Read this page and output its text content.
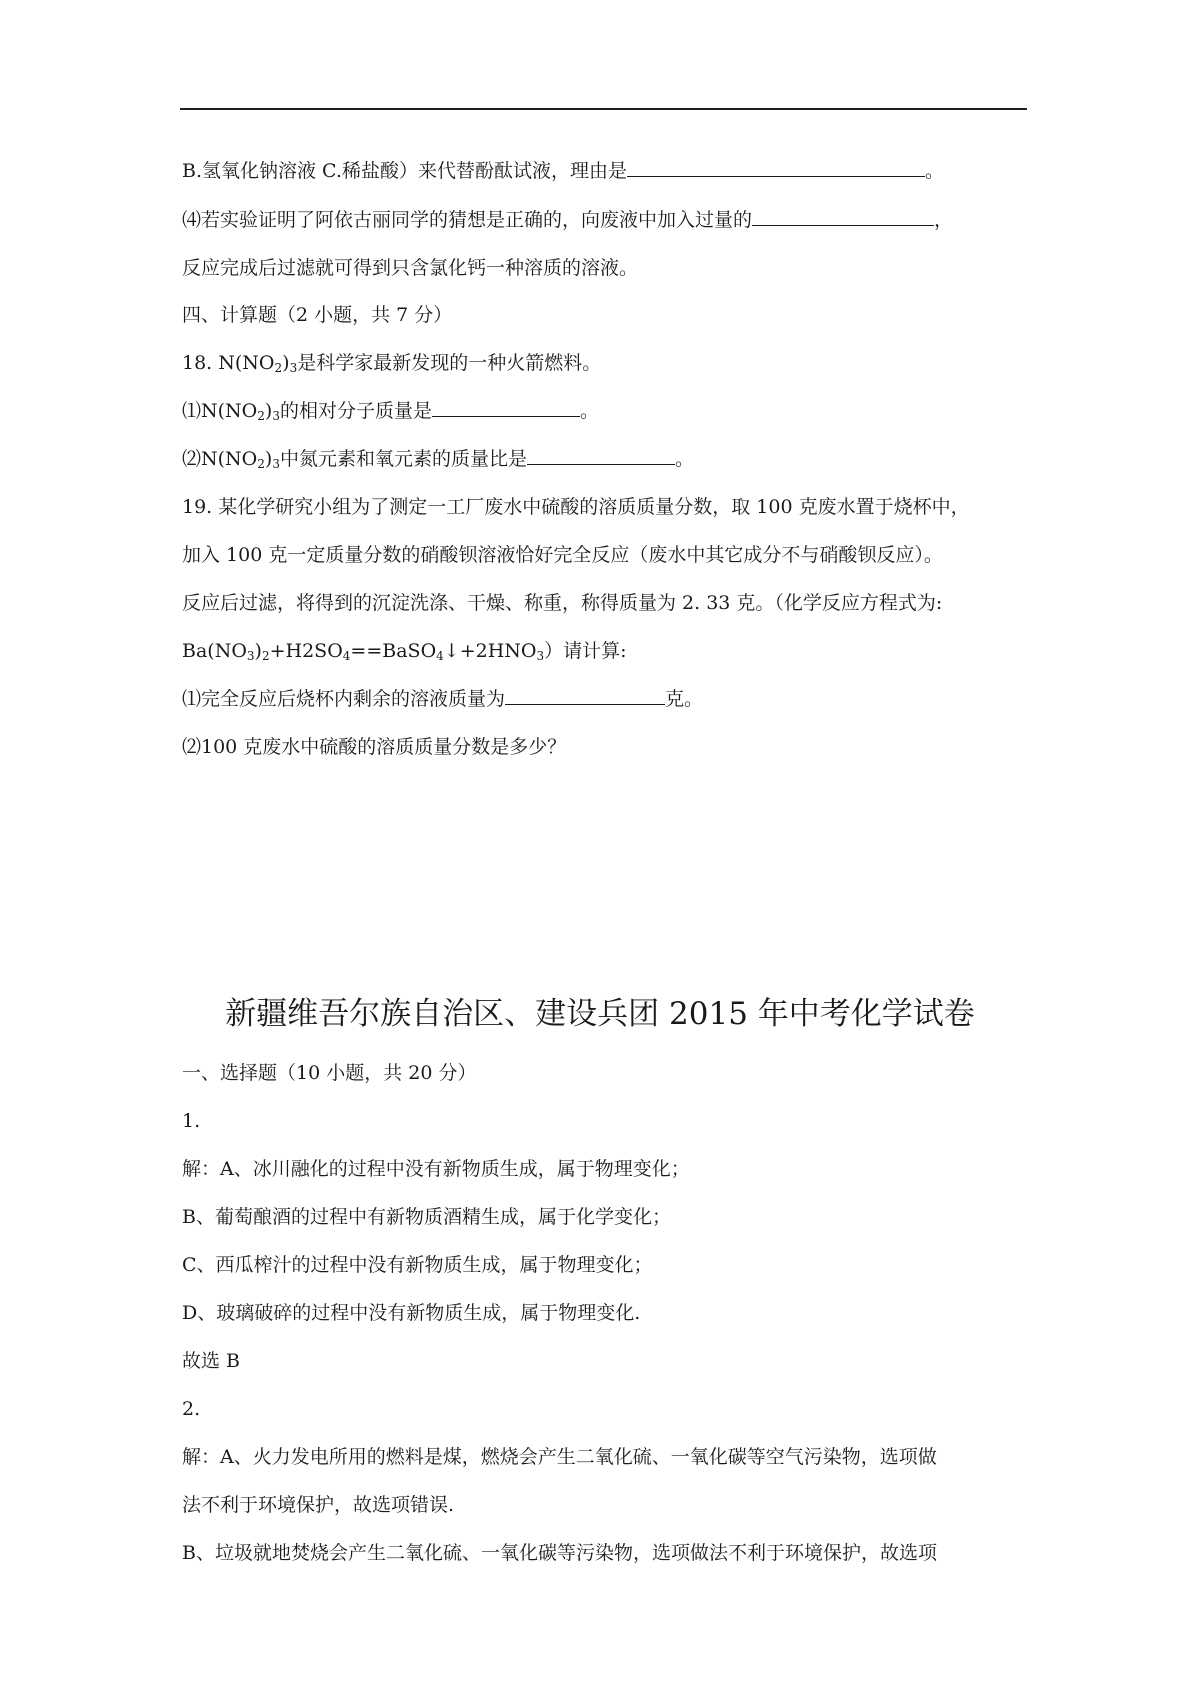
B.氢氧化钠溶液 C.稀盐酸）来代替酚酞试液，理由是	。
⑷若实验证明了阿依古丽同学的猜想是正确的，向废液中加入过量的	，
反应完成后过滤就可得到只含氯化钙一种溶质的溶液。
四、计算题（2 小题，共 7 分）
18. $N(NO_2)_3$是科学家最新发现的一种火箭燃料。
$⑴N(NO_2)_3$的相对分子质量是	。
$⑵N(NO_2)_3$中氮元素和氧元素的质量比是	。
19. 某化学研究小组为了测定一工厂废水中硫酸的溶质质量分数，取 100 克废水置于烧杯中，
加入 100 克一定质量分数的硝酸钡溶液恰好完全反应（废水中其它成分不与硝酸钡反应）。
反应后过滤，将得到的沉淀洗涤、干燥、称重，称得质量为 2. 33 克。（化学反应方程式为:
$Ba(NO_3)_2+H2SO_4==BaSO_4↓+2HNO_3$）请计算:
⑴完全反应后烧杯内剩余的溶液质量为	克。
⑵100 克废水中硫酸的溶质质量分数是多少？
新疆维吾尔族自治区、建设兵团 2015 年中考化学试卷
一、选择题（10 小题，共 20 分）
1.
解：A、冰川融化的过程中没有新物质生成，属于物理变化；
B、葡萄酿酒的过程中有新物质酒精生成，属于化学变化；
C、西瓜榨汁的过程中没有新物质生成，属于物理变化；
D、玻璃破碎的过程中没有新物质生成，属于物理变化.
故选 B
2.
解：A、火力发电所用的燃料是煤，燃烧会产生二氧化硫、一氧化碳等空气污染物，选项做
法不利于环境保护，故选项错误.
B、垃圾就地焚烧会产生二氧化硫、一氧化碳等污染物，选项做法不利于环境保护，故选项
